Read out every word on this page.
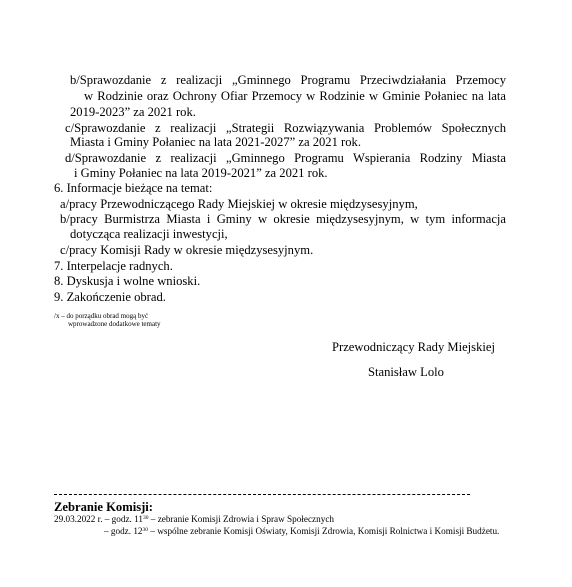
b/Sprawozdanie z realizacji „Gminnego Programu Przeciwdziałania Przemocy
w Rodzinie oraz Ochrony Ofiar Przemocy w Rodzinie w Gminie Połaniec na lata
2019-2023” za 2021 rok.
c/Sprawozdanie z realizacji „Strategii Rozwiązywania Problemów Społecznych
Miasta i Gminy Połaniec na lata 2021-2027” za 2021 rok.
d/Sprawozdanie z realizacji „Gminnego Programu Wspierania Rodziny Miasta
i Gminy Połaniec na lata 2019-2021” za 2021 rok.
6. Informacje bieżące na temat:
a/pracy Przewodniczącego Rady Miejskiej w okresie międzysesyjnym,
b/pracy Burmistrza Miasta i Gminy w okresie międzysesyjnym, w tym informacja
dotycząca realizacji inwestycji,
c/pracy Komisji Rady w okresie międzysesyjnym.
7. Interpelacje radnych.
8. Dyskusja i wolne wnioski.
9. Zakończenie obrad.
/x – do porządku obrad mogą być
wprowadzone dodatkowe tematy
Przewodniczący Rady Miejskiej
Stanisław Lolo
Zebranie Komisji:
29.03.2022 r. – godz. $11^{30}$ – zebranie Komisji Zdrowia i Spraw Społecznych
– godz. $12^{30}$ – wspólne zebranie Komisji Oświaty, Komisji Zdrowia, Komisji Rolnictwa i Komisji Budżetu.
